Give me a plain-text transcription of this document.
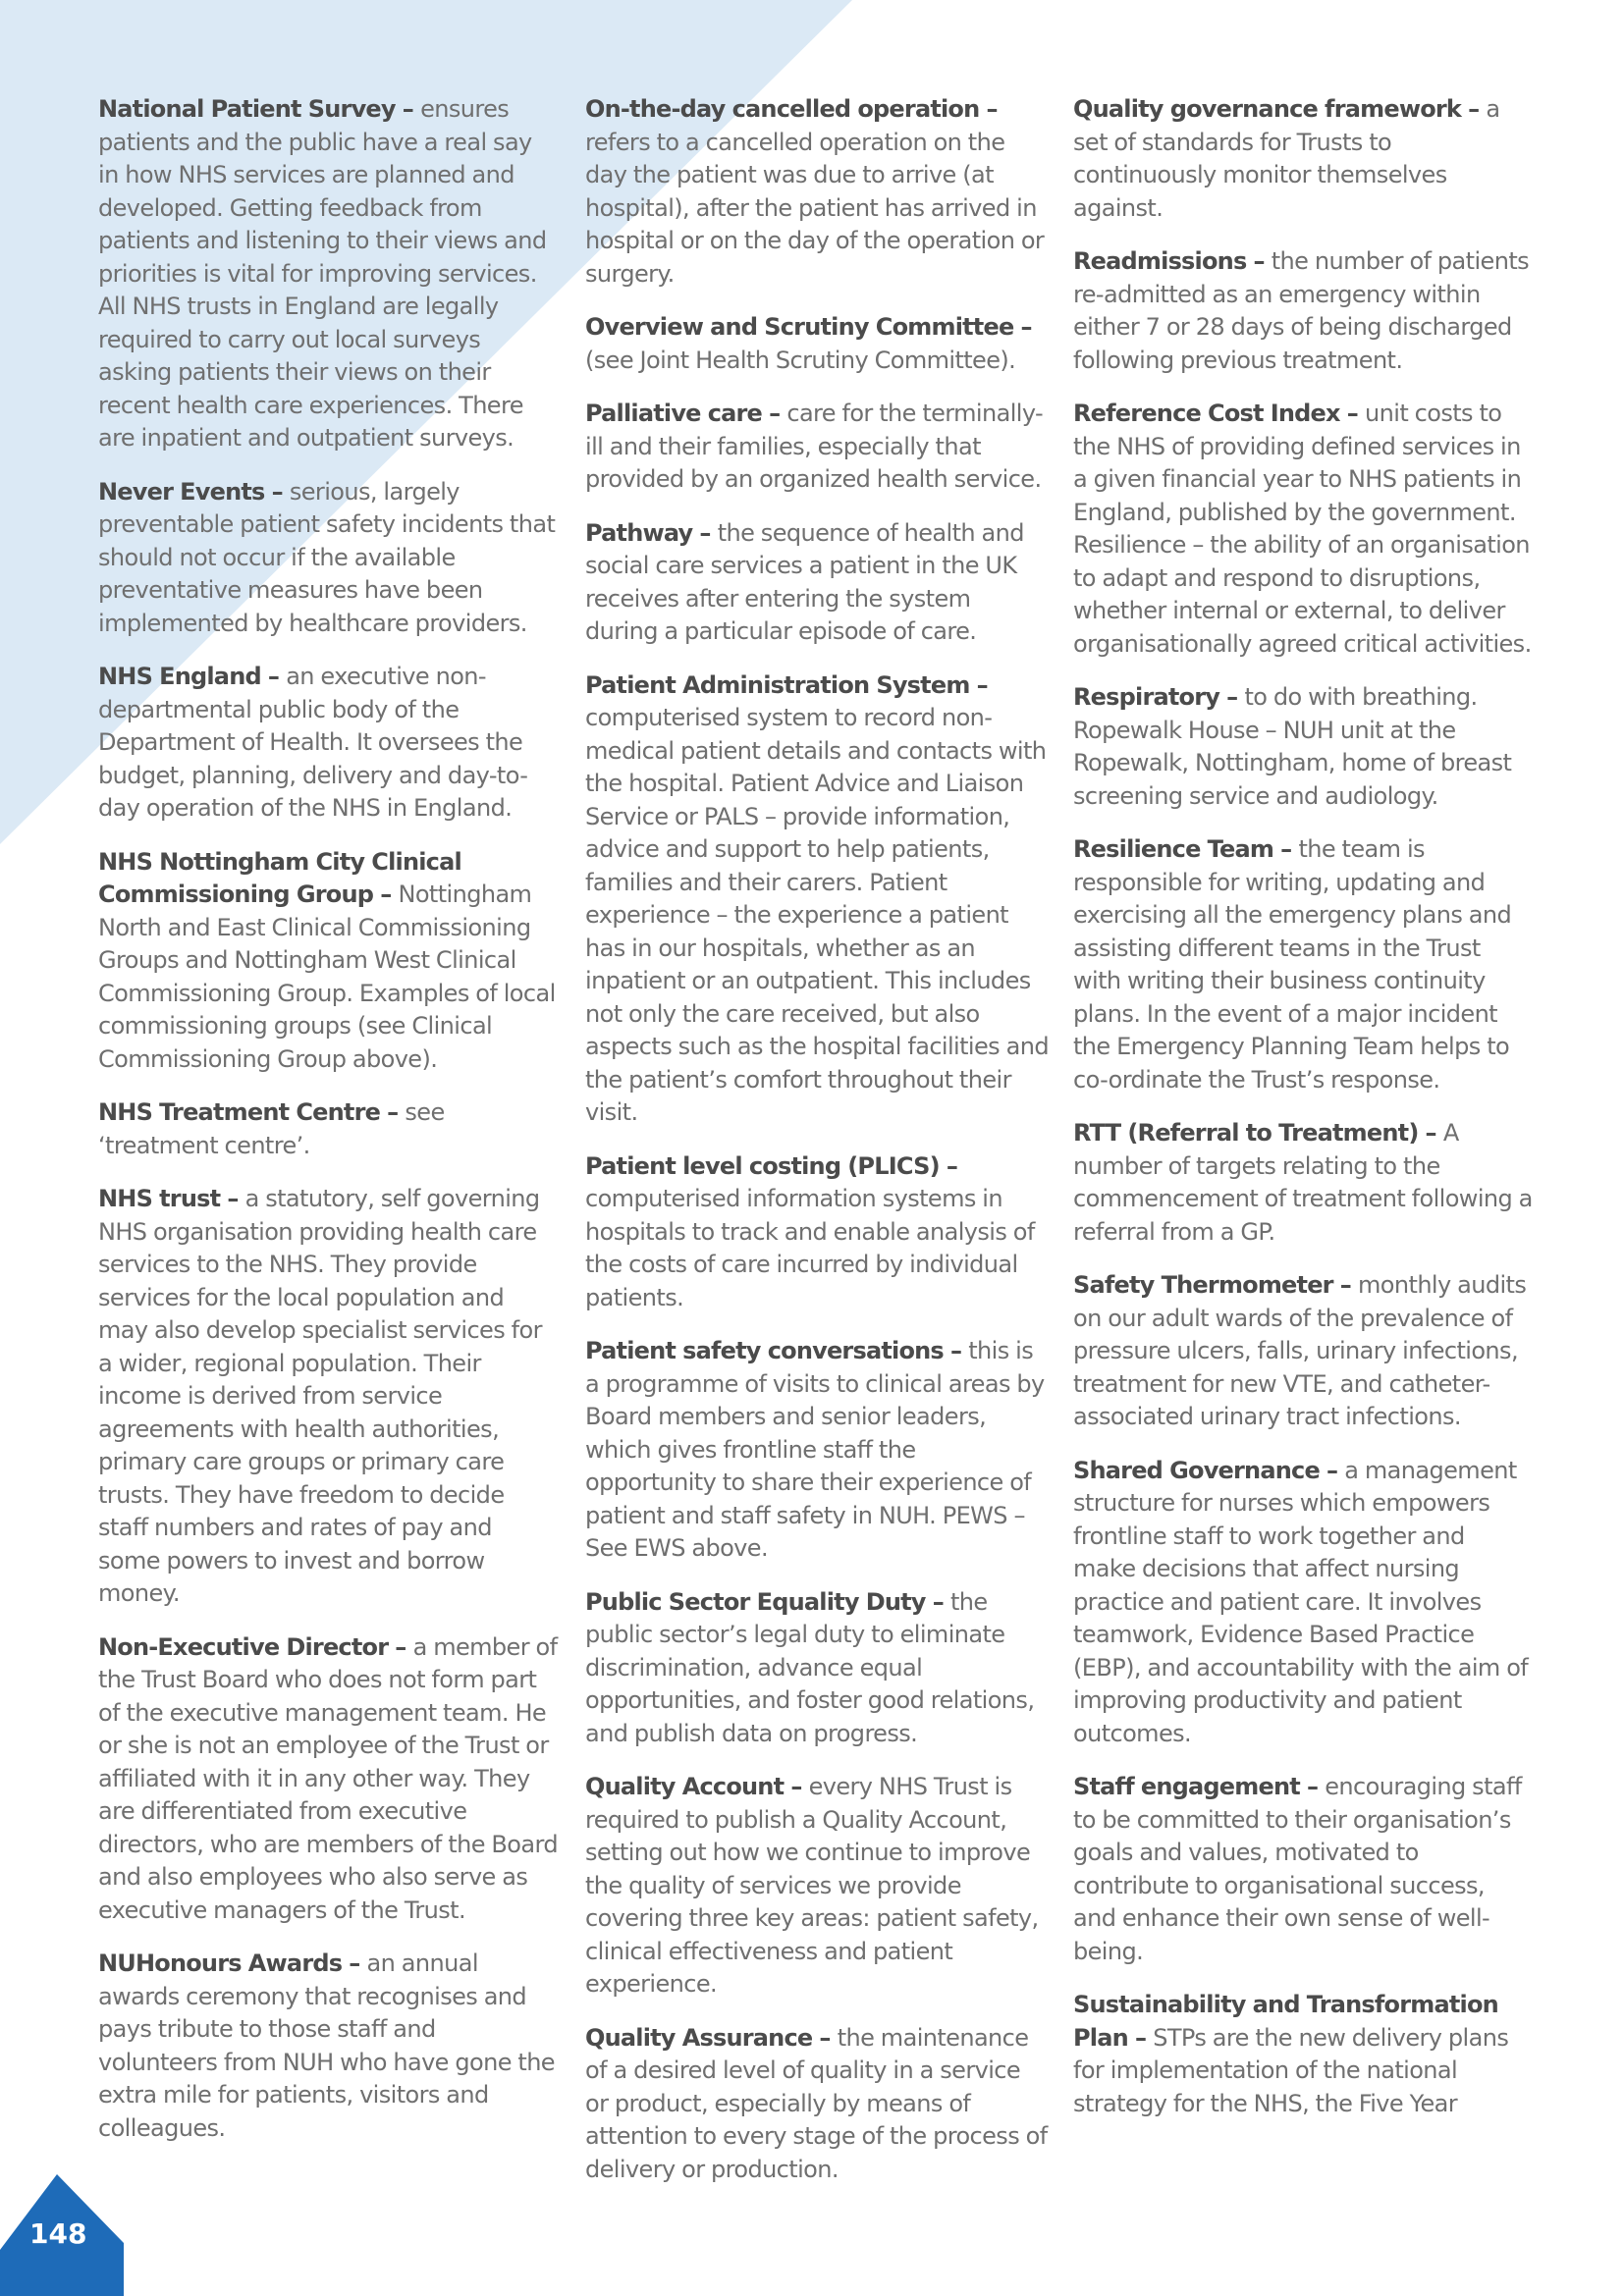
National Patient Survey – ensures patients and the public have a real say in how NHS services are planned and developed. Getting feedback from patients and listening to their views and priorities is vital for improving services. All NHS trusts in England are legally required to carry out local surveys asking patients their views on their recent health care experiences. There are inpatient and outpatient surveys.

Never Events – serious, largely preventable patient safety incidents that should not occur if the available preventative measures have been implemented by healthcare providers.

NHS England – an executive non-departmental public body of the Department of Health. It oversees the budget, planning, delivery and day-to-day operation of the NHS in England.

NHS Nottingham City Clinical Commissioning Group – Nottingham North and East Clinical Commissioning Groups and Nottingham West Clinical Commissioning Group. Examples of local commissioning groups (see Clinical Commissioning Group above).

NHS Treatment Centre – see ‘treatment centre’.

NHS trust – a statutory, self governing NHS organisation providing health care services to the NHS. They provide services for the local population and may also develop specialist services for a wider, regional population. Their income is derived from service agreements with health authorities, primary care groups or primary care trusts. They have freedom to decide staff numbers and rates of pay and some powers to invest and borrow money.

Non-Executive Director – a member of the Trust Board who does not form part of the executive management team. He or she is not an employee of the Trust or affiliated with it in any other way. They are differentiated from executive directors, who are members of the Board and also employees who also serve as executive managers of the Trust.

NUHonours Awards – an annual awards ceremony that recognises and pays tribute to those staff and volunteers from NUH who have gone the extra mile for patients, visitors and colleagues.

On-the-day cancelled operation – refers to a cancelled operation on the day the patient was due to arrive (at hospital), after the patient has arrived in hospital or on the day of the operation or surgery.

Overview and Scrutiny Committee – (see Joint Health Scrutiny Committee).

Palliative care – care for the terminally-ill and their families, especially that provided by an organized health service.

Pathway – the sequence of health and social care services a patient in the UK receives after entering the system during a particular episode of care.

Patient Administration System – computerised system to record non-medical patient details and contacts with the hospital. Patient Advice and Liaison Service or PALS – provide information, advice and support to help patients, families and their carers. Patient experience – the experience a patient has in our hospitals, whether as an inpatient or an outpatient. This includes not only the care received, but also aspects such as the hospital facilities and the patient’s comfort throughout their visit.

Patient level costing (PLICS) – computerised information systems in hospitals to track and enable analysis of the costs of care incurred by individual patients.

Patient safety conversations – this is a programme of visits to clinical areas by Board members and senior leaders, which gives frontline staff the opportunity to share their experience of patient and staff safety in NUH. PEWS – See EWS above.

Public Sector Equality Duty – the public sector’s legal duty to eliminate discrimination, advance equal opportunities, and foster good relations, and publish data on progress.

Quality Account – every NHS Trust is required to publish a Quality Account, setting out how we continue to improve the quality of services we provide covering three key areas: patient safety, clinical effectiveness and patient experience.

Quality Assurance – the maintenance of a desired level of quality in a service or product, especially by means of attention to every stage of the process of delivery or production.

Quality governance framework – a set of standards for Trusts to continuously monitor themselves against.

Readmissions – the number of patients re-admitted as an emergency within either 7 or 28 days of being discharged following previous treatment.

Reference Cost Index – unit costs to the NHS of providing defined services in a given financial year to NHS patients in England, published by the government. Resilience – the ability of an organisation to adapt and respond to disruptions, whether internal or external, to deliver organisationally agreed critical activities.

Respiratory – to do with breathing. Ropewalk House – NUH unit at the Ropewalk, Nottingham, home of breast screening service and audiology.

Resilience Team – the team is responsible for writing, updating and exercising all the emergency plans and assisting different teams in the Trust with writing their business continuity plans. In the event of a major incident the Emergency Planning Team helps to co-ordinate the Trust’s response.

RTT (Referral to Treatment) – A number of targets relating to the commencement of treatment following a referral from a GP.

Safety Thermometer – monthly audits on our adult wards of the prevalence of pressure ulcers, falls, urinary infections, treatment for new VTE, and catheter-associated urinary tract infections.

Shared Governance – a management structure for nurses which empowers frontline staff to work together and make decisions that affect nursing practice and patient care. It involves teamwork, Evidence Based Practice (EBP), and accountability with the aim of improving productivity and patient outcomes.

Staff engagement – encouraging staff to be committed to their organisation’s goals and values, motivated to contribute to organisational success, and enhance their own sense of well-being.

Sustainability and Transformation Plan – STPs are the new delivery plans for implementation of the national strategy for the NHS, the Five Year

148
